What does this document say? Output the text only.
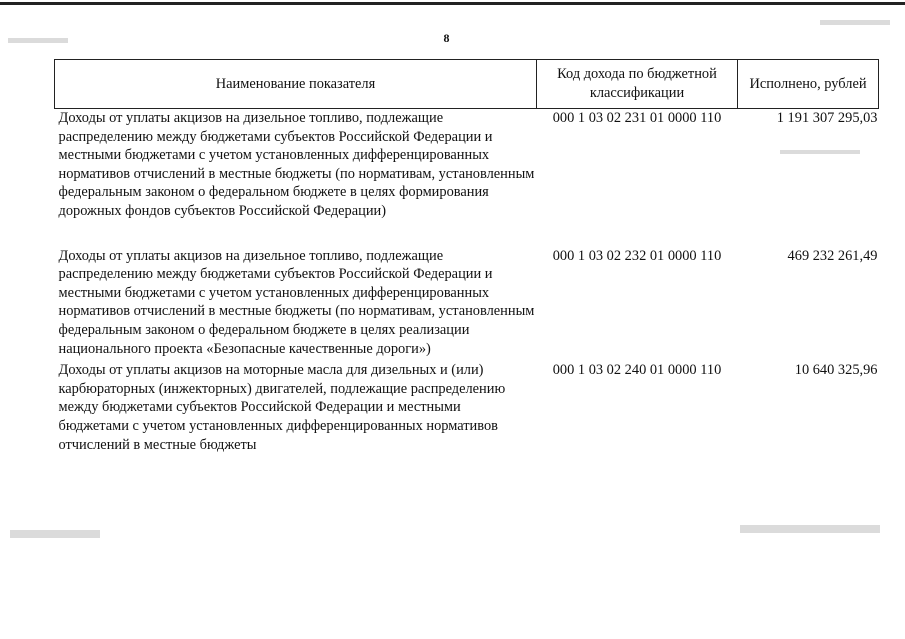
8
Наименование показателя	Код дохода по бюджетной классификации	Исполнено, рублей
Доходы от уплаты акцизов на дизельное топливо, подлежащие распределению между бюджетами субъектов Российской Федерации и местными бюджетами с учетом установленных дифференцированных нормативов отчислений в местные бюджеты (по нормативам, установленным федеральным законом о федеральном бюджете в целях формирования дорожных фондов субъектов Российской Федерации)	000 1 03 02 231 01 0000 110	1 191 307 295,03
Доходы от уплаты акцизов на дизельное топливо, подлежащие распределению между бюджетами субъектов Российской Федерации и местными бюджетами с учетом установленных дифференцированных нормативов отчислений в местные бюджеты (по нормативам, установленным федеральным законом о федеральном бюджете в целях реализации национального проекта «Безопасные качественные дороги»)	000 1 03 02 232 01 0000 110	469 232 261,49
Доходы от уплаты акцизов на моторные масла для дизельных и (или) карбюраторных (инжекторных) двигателей, подлежащие распределению между бюджетами субъектов Российской Федерации и местными бюджетами с учетом установленных дифференцированных нормативов отчислений в местные бюджеты	000 1 03 02 240 01 0000 110	10 640 325,96
